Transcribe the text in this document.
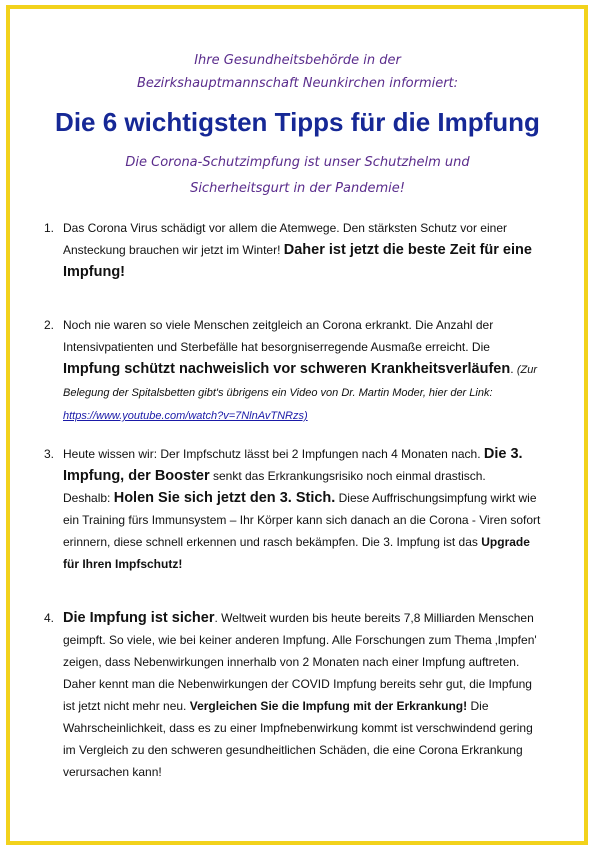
Ihre Gesundheitsbehörde in der
Bezirkshauptmannschaft Neunkirchen informiert:
Die 6 wichtigsten Tipps für die Impfung
Die Corona-Schutzimpfung ist unser Schutzhelm und
Sicherheitsgurt in der Pandemie!
1. Das Corona Virus schädigt vor allem die Atemwege. Den stärksten Schutz vor einer Ansteckung brauchen wir jetzt im Winter! Daher ist jetzt die beste Zeit für eine Impfung!
2. Noch nie waren so viele Menschen zeitgleich an Corona erkrankt. Die Anzahl der Intensivpatienten und Sterbefälle hat besorgniserregende Ausmaße erreicht. Die Impfung schützt nachweislich vor schweren Krankheitsverläufen. (Zur Belegung der Spitalsbetten gibt's übrigens ein Video von Dr. Martin Moder, hier der Link: https://www.youtube.com/watch?v=7NlnAvTNRzs)
3. Heute wissen wir: Der Impfschutz lässt bei 2 Impfungen nach 4 Monaten nach. Die 3. Impfung, der Booster senkt das Erkrankungsrisiko noch einmal drastisch.
Deshalb: Holen Sie sich jetzt den 3. Stich. Diese Auffrischungsimpfung wirkt wie ein Training fürs Immunsystem – Ihr Körper kann sich danach an die Corona - Viren sofort erinnern, diese schnell erkennen und rasch bekämpfen. Die 3. Impfung ist das Upgrade für Ihren Impfschutz!
4. Die Impfung ist sicher. Weltweit wurden bis heute bereits 7,8 Milliarden Menschen geimpft. So viele, wie bei keiner anderen Impfung. Alle Forschungen zum Thema ‚Impfen' zeigen, dass Nebenwirkungen innerhalb von 2 Monaten nach einer Impfung auftreten. Daher kennt man die Nebenwirkungen der COVID Impfung bereits sehr gut, die Impfung ist jetzt nicht mehr neu. Vergleichen Sie die Impfung mit der Erkrankung! Die Wahrscheinlichkeit, dass es zu einer Impfnebenwirkung kommt ist verschwindend gering im Vergleich zu den schweren gesundheitlichen Schäden, die eine Corona Erkrankung verursachen kann!
